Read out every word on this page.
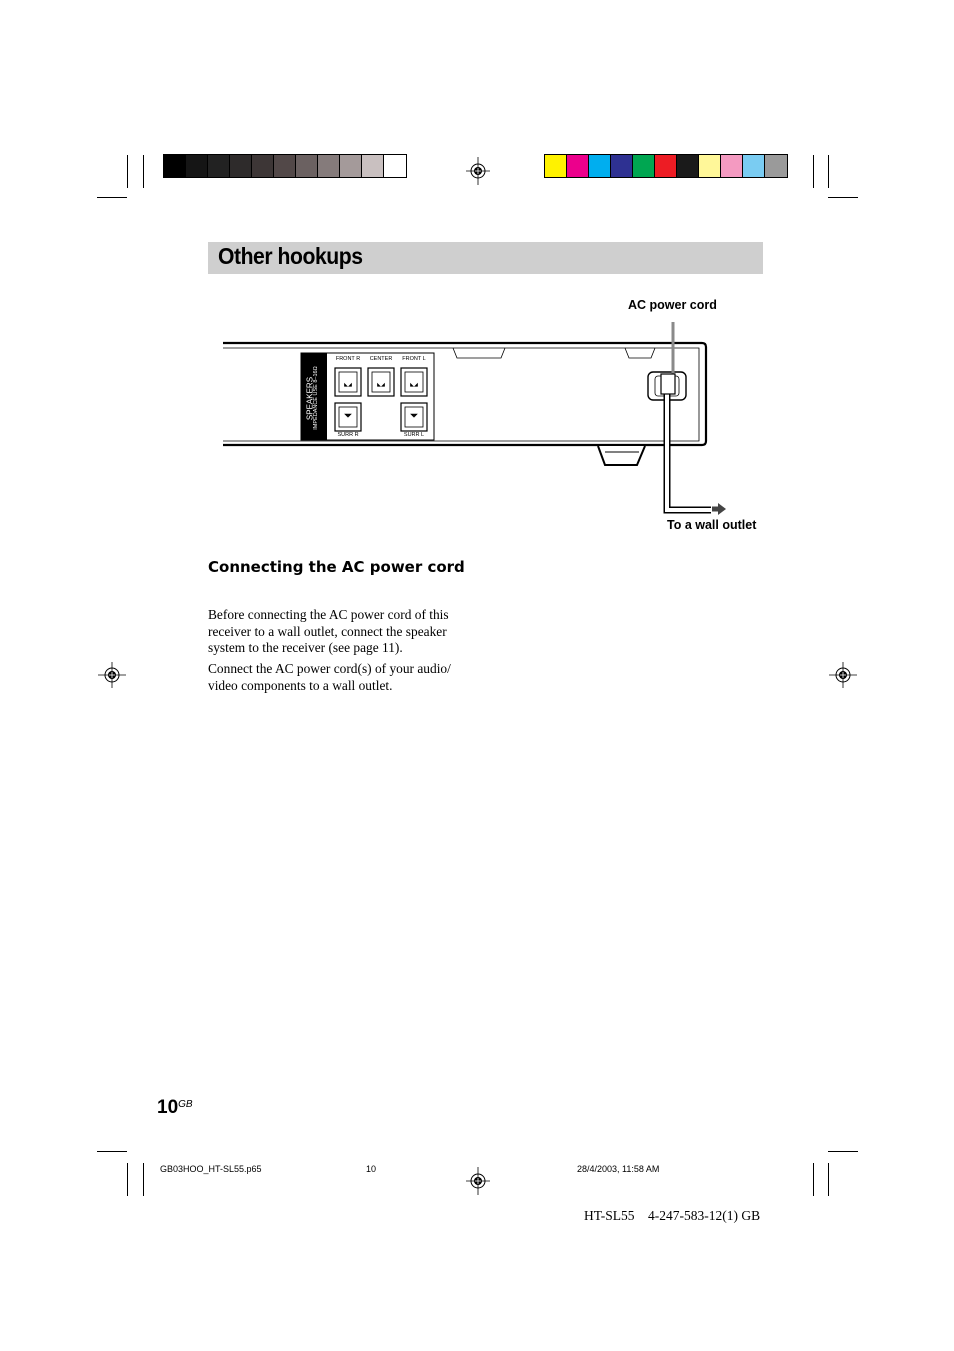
Other hookups
AC power cord
To a wall outlet
◣◢	◣◢	◣◢
◥◤	◥◤
SPEAKERS
IMPEDANCE USE 8–16Ω
FRONT R	CENTER	FRONT L
SURR R	SURR L
Connecting the AC power cord
Before connecting the AC power cord of this receiver to a wall outlet, connect the speaker system to the receiver (see page 11).
Connect the AC power cord(s) of your audio/ video components to a wall outlet.
$10^{GB}$
GB03HOO_HT-SL55.p65	10	28/4/2003, 11:58 AM
HT-SL55    4-247-583-12(1) GB
